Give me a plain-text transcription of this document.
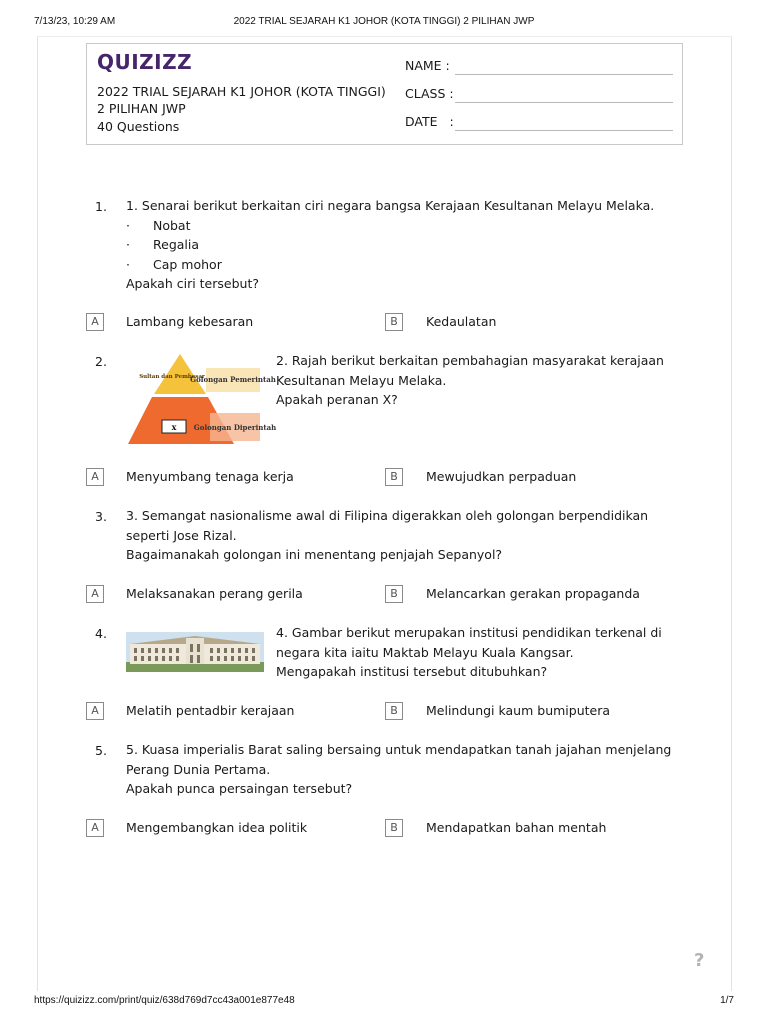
7/13/23, 10:29 AM	2022 TRIAL SEJARAH K1 JOHOR (KOTA TINGGI) 2 PILIHAN JWP
QUIZIZZ
2022 TRIAL SEJARAH K1 JOHOR (KOTA TINGGI) 2 PILIHAN JWP
40 Questions
NAME :
CLASS :
DATE   :
1. 1. Senarai berikut berkaitan ciri negara bangsa Kerajaan Kesultanan Melayu Melaka.
· Nobat
· Regalia
· Cap mohor
Apakah ciri tersebut?
A	Lambang kebesaran	B	Kedaulatan
2.
Sultan dan Pembesar
Golongan Pemerintah
x Golongan Diperintah
2. Rajah berikut berkaitan pembahagian masyarakat kerajaan
Kesultanan Melayu Melaka.
Apakah peranan X?
A	Menyumbang tenaga kerja	B	Mewujudkan perpaduan
3. 3. Semangat nasionalisme awal di Filipina digerakkan oleh golongan berpendidikan
seperti Jose Rizal.
Bagaimanakah golongan ini menentang penjajah Sepanyol?
A	Melaksanakan perang gerila	B	Melancarkan gerakan propaganda
4.	4. Gambar berikut merupakan institusi pendidikan terkenal di
negara kita iaitu Maktab Melayu Kuala Kangsar.
Mengapakah institusi tersebut ditubuhkan?
A	Melatih pentadbir kerajaan	B	Melindungi kaum bumiputera
5. 5. Kuasa imperialis Barat saling bersaing untuk mendapatkan tanah jajahan menjelang
Perang Dunia Pertama.
Apakah punca persaingan tersebut?
A	Mengembangkan idea politik	B	Mendapatkan bahan mentah
?
https://quizizz.com/print/quiz/638d769d7cc43a001e877e48	1/7
